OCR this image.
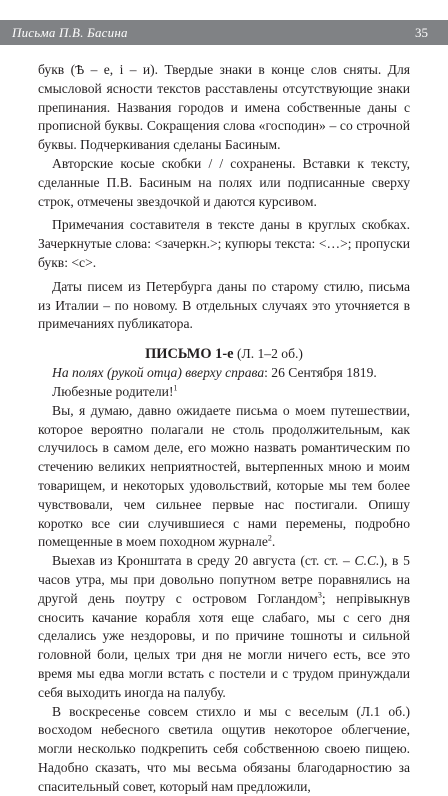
Письма П.В. Басина	35

букв (Ѣ – е, і – и). Твердые знаки в конце слов сняты. Для смысловой ясности текстов расставлены отсутствующие знаки препинания. Названия городов и имена собственные даны с прописной буквы. Сокращения слова «господин» – со строчной буквы. Подчеркивания сделаны Басиным.

Авторские косые скобки / / сохранены. Вставки к тексту, сделанные П.В. Басиным на полях или подписанные сверху строк, отмечены звездочкой и даются курсивом.

Примечания составителя в тексте даны в круглых скобках. Зачеркнутые слова: <зачеркн.>; купюры текста: <…>; пропуски букв: <с>.

Даты писем из Петербурга даны по старому стилю, письма из Италии – по новому. В отдельных случаях это уточняется в примечаниях публикатора.

ПИСЬМО 1-е (Л. 1–2 об.)

На полях (рукой отца) вверху справа: 26 Сентября 1819.

Любезные родители!$^1$

Вы, я думаю, давно ожидаете письма о моем путешествии, которое вероятно полагали не столь продолжительным, как случилось в самом деле, его можно назвать романтическим по стечению великих неприятностей, вытерпенных мною и моим товарищем, и некоторых удовольствий, которые мы тем более чувствовали, чем сильнее первые нас постигали. Опишу коротко все сии случившиеся с нами перемены, подробно помещенные в моем походном журнале$^2$.

Выехав из Кронштата в среду 20 августа (ст. ст. – С.С.), в 5 часов утра, мы при довольно попутном ветре поравнялись на другой день поутру с островом Гогландом$^3$; непрівыкнув сносить качание корабля хотя еще слабаго, мы с сего дня сделались уже нездоровы, и по причине тошноты и сильной головной боли, целых три дня не могли ничего есть, все это время мы едва могли встать с постели и с трудом принуждали себя выходить иногда на палубу.

В воскресенье совсем стихло и мы с веселым (Л.1 об.) восходом небесного светила ощутив некоторое облегчение, могли несколько подкрепить себя собственною своею пищею. Надобно сказать, что мы весьма обязаны благодарностию за спасительный совет, который нам предложили,
